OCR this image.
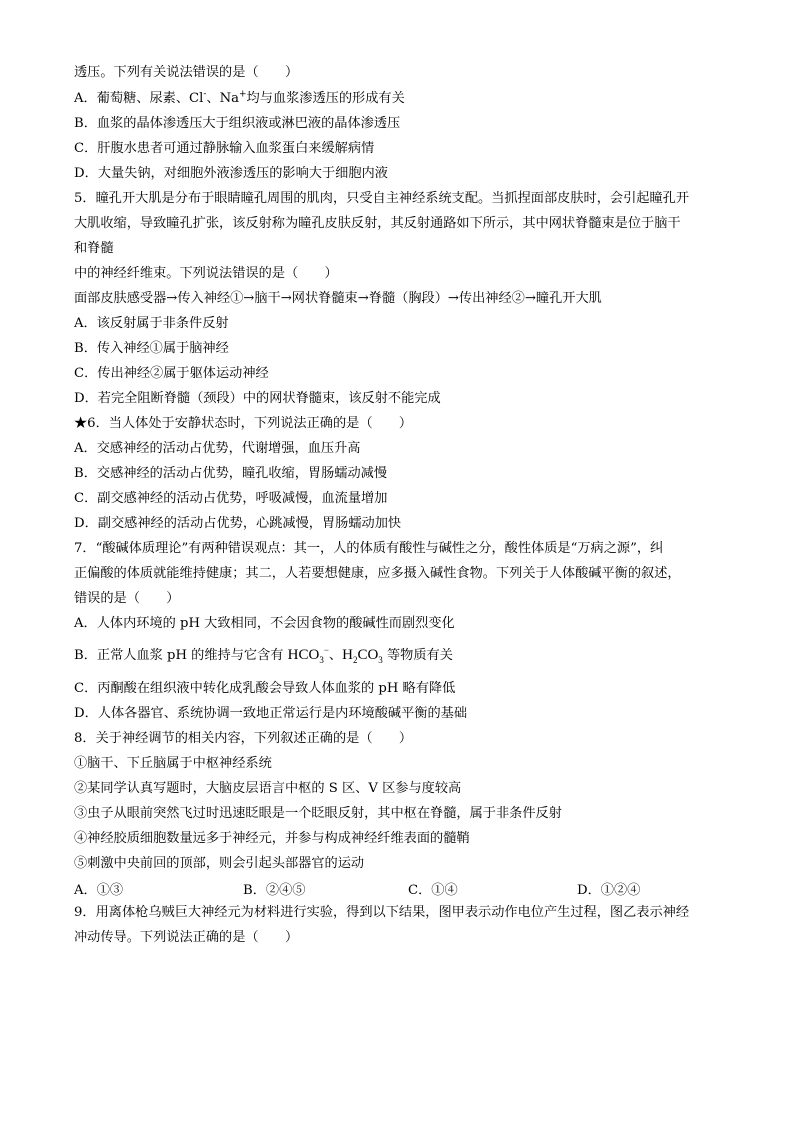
透压。下列有关说法错误的是（　　）
A．葡萄糖、尿素、Cl-、Na+均与血浆渗透压的形成有关
B．血浆的晶体渗透压大于组织液或淋巴液的晶体渗透压
C．肝腹水患者可通过静脉输入血浆蛋白来缓解病情
D．大量失钠，对细胞外液渗透压的影响大于细胞内液
5．瞳孔开大肌是分布于眼睛瞳孔周围的肌肉，只受自主神经系统支配。当抓捏面部皮肤时，会引起瞳孔开
大肌收缩，导致瞳孔扩张，该反射称为瞳孔皮肤反射，其反射通路如下所示，其中网状脊髓束是位于脑干
和脊髓
中的神经纤维束。下列说法错误的是（　　）
面部皮肤感受器→传入神经①→脑干→网状脊髓束→脊髓（胸段）→传出神经②→瞳孔开大肌
A．该反射属于非条件反射
B．传入神经①属于脑神经
C．传出神经②属于躯体运动神经
D．若完全阻断脊髓（颈段）中的网状脊髓束，该反射不能完成
★6．当人体处于安静状态时，下列说法正确的是（　　）
A．交感神经的活动占优势，代谢增强，血压升高
B．交感神经的活动占优势，瞳孔收缩，胃肠蠕动减慢
C．副交感神经的活动占优势，呼吸减慢，血流量增加
D．副交感神经的活动占优势，心跳减慢，胃肠蠕动加快
7．“酸碱体质理论”有两种错误观点：其一，人的体质有酸性与碱性之分，酸性体质是“万病之源”，纠
正偏酸的体质就能维持健康；其二，人若要想健康，应多摄入碱性食物。下列关于人体酸碱平衡的叙述，
错误的是（　　）
A．人体内环境的 pH 大致相同，不会因食物的酸碱性而剧烈变化
B．正常人血浆 pH 的维持与它含有 $HCO_3^-$、$H_2CO_3$ 等物质有关
C．丙酮酸在组织液中转化成乳酸会导致人体血浆的 pH 略有降低
D．人体各器官、系统协调一致地正常运行是内环境酸碱平衡的基础
8．关于神经调节的相关内容，下列叙述正确的是（　　）
①脑干、下丘脑属于中枢神经系统
②某同学认真写题时，大脑皮层语言中枢的 S 区、V 区参与度较高
③虫子从眼前突然飞过时迅速眨眼是一个眨眼反射，其中枢在脊髓，属于非条件反射
④神经胶质细胞数量远多于神经元，并参与构成神经纤维表面的髓鞘
⑤刺激中央前回的顶部，则会引起头部器官的运动
A．①③	B．②④⑤	C．①④	D．①②④
9．用离体枪乌贼巨大神经元为材料进行实验，得到以下结果，图甲表示动作电位产生过程，图乙表示神经
冲动传导。下列说法正确的是（　　）
